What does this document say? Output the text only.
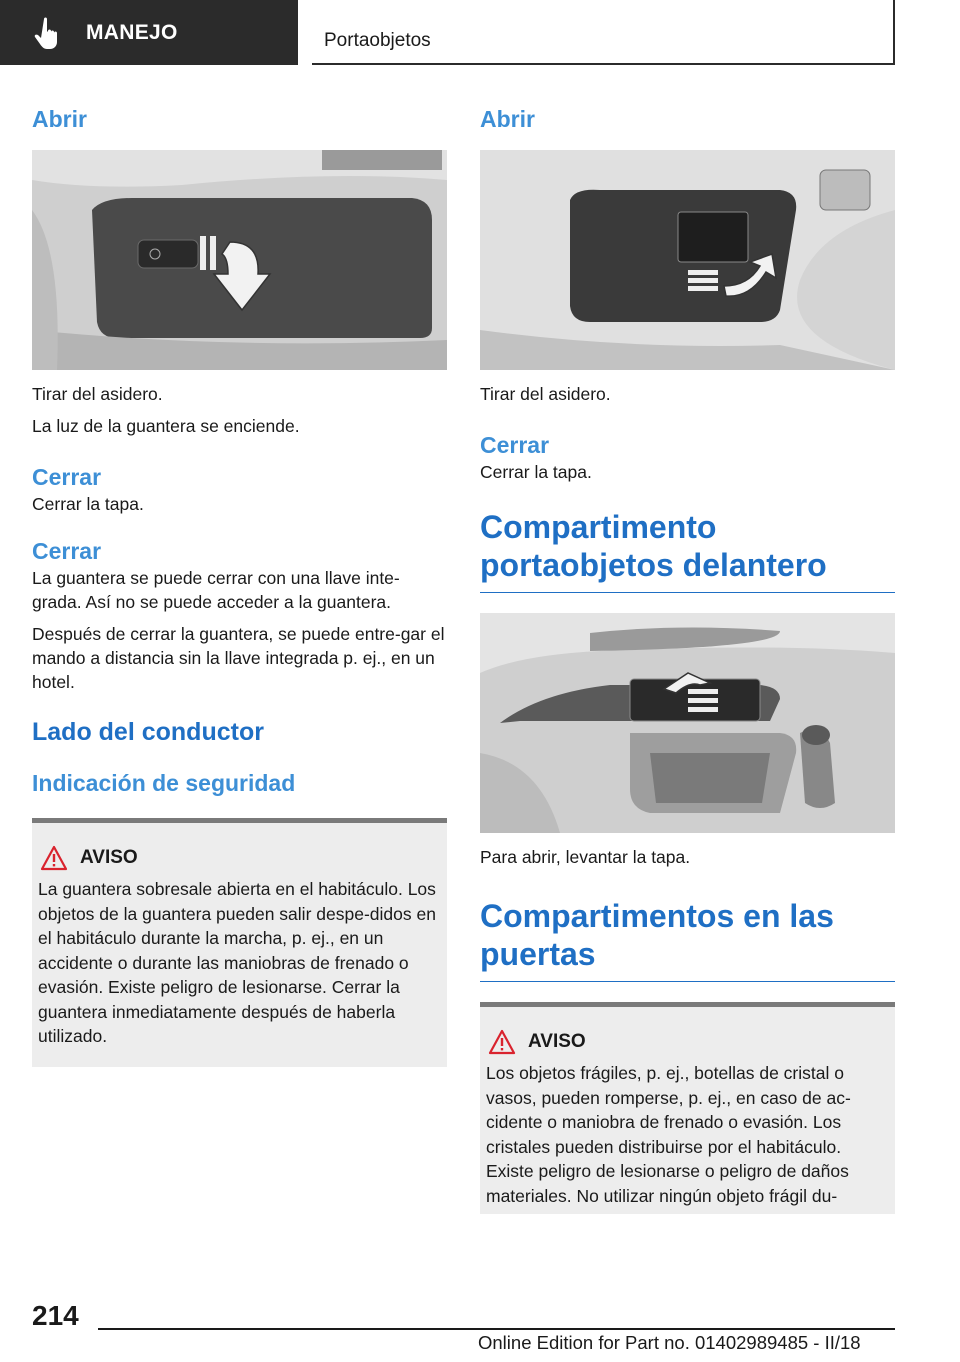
MANEJO	Portaobjetos
Abrir

Tirar del asidero.

La luz de la guantera se enciende.

Cerrar

Cerrar la tapa.

Cerrar

La guantera se puede cerrar con una llave inte‐grada. Así no se puede acceder a la guantera.

Después de cerrar la guantera, se puede entre‐gar el mando a distancia sin la llave integrada p. ej., en un hotel.

Lado del conductor
Indicación de seguridad
AVISO

La guantera sobresale abierta en el habitáculo. Los objetos de la guantera pueden salir despe‐didos en el habitáculo durante la marcha, p. ej., en un accidente o durante las maniobras de frenado o evasión. Existe peligro de lesionarse. Cerrar la guantera inmediatamente después de haberla utilizado.

Abrir

Tirar del asidero.

Cerrar

Cerrar la tapa.

Compartimento portaobjetos delantero

Para abrir, levantar la tapa.

Compartimentos en las puertas
AVISO

Los objetos frágiles, p. ej., botellas de cristal o vasos, pueden romperse, p. ej., en caso de ac‐cidente o maniobra de frenado o evasión. Los cristales pueden distribuirse por el habitáculo. Existe peligro de lesionarse o peligro de daños materiales. No utilizar ningún objeto frágil du‐

214
Online Edition for Part no. 01402989485 - II/18
